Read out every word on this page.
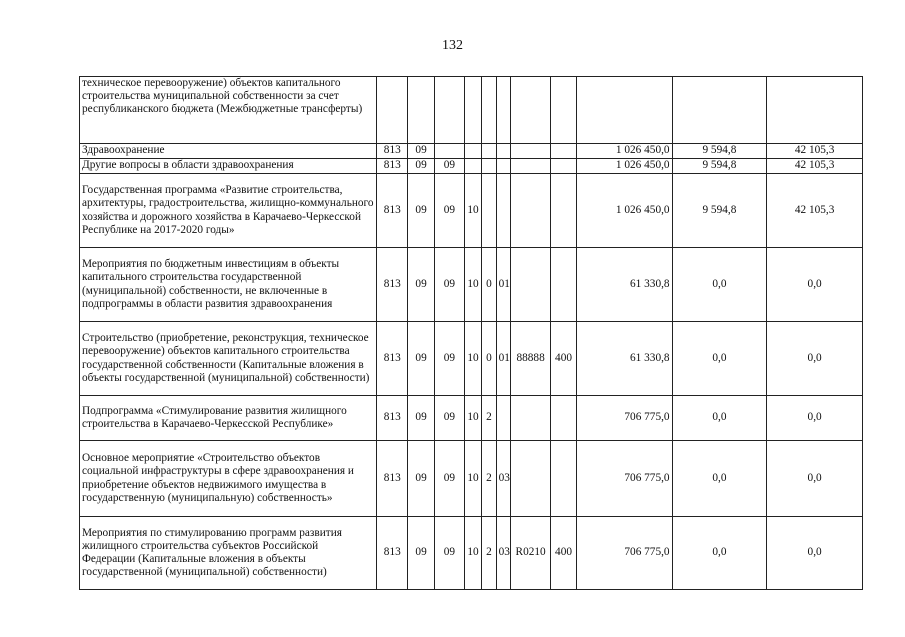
132
техническое перевооружение) объектов капитального строительства муниципальной собственности за счет республиканского бюджета (Межбюджетные трансферты)											
Здравоохранение	813	09							1 026 450,0	9 594,8	42 105,3
Другие вопросы в области здравоохранения	813	09	09						1 026 450,0	9 594,8	42 105,3
Государственная программа «Развитие строительства, архитектуры, градостроительства, жилищно-коммунального хозяйства и дорожного хозяйства в Карачаево-Черкесской Республике на 2017-2020 годы»	813	09	09	10					1 026 450,0	9 594,8	42 105,3
Мероприятия по бюджетным инвестициям в объекты капитального строительства государственной (муниципальной) собственности, не включенные в подпрограммы в области развития здравоохранения	813	09	09	10	0	01			61 330,8	0,0	0,0
Строительство (приобретение, реконструкция, техническое перевооружение) объектов капитального строительства государственной собственности (Капитальные вложения в объекты государственной (муниципальной) собственности)	813	09	09	10	0	01	88888	400	61 330,8	0,0	0,0
Подпрограмма «Стимулирование развития жилищного строительства в Карачаево-Черкесской Республике»	813	09	09	10	2				706 775,0	0,0	0,0
Основное мероприятие «Строительство объектов социальной инфраструктуры в сфере здравоохранения и приобретение объектов недвижимого имущества в государственную (муниципальную) собственность»	813	09	09	10	2	03			706 775,0	0,0	0,0
Мероприятия по стимулированию программ развития жилищного строительства субъектов Российской Федерации (Капитальные вложения в объекты государственной (муниципальной) собственности)	813	09	09	10	2	03	R0210	400	706 775,0	0,0	0,0
